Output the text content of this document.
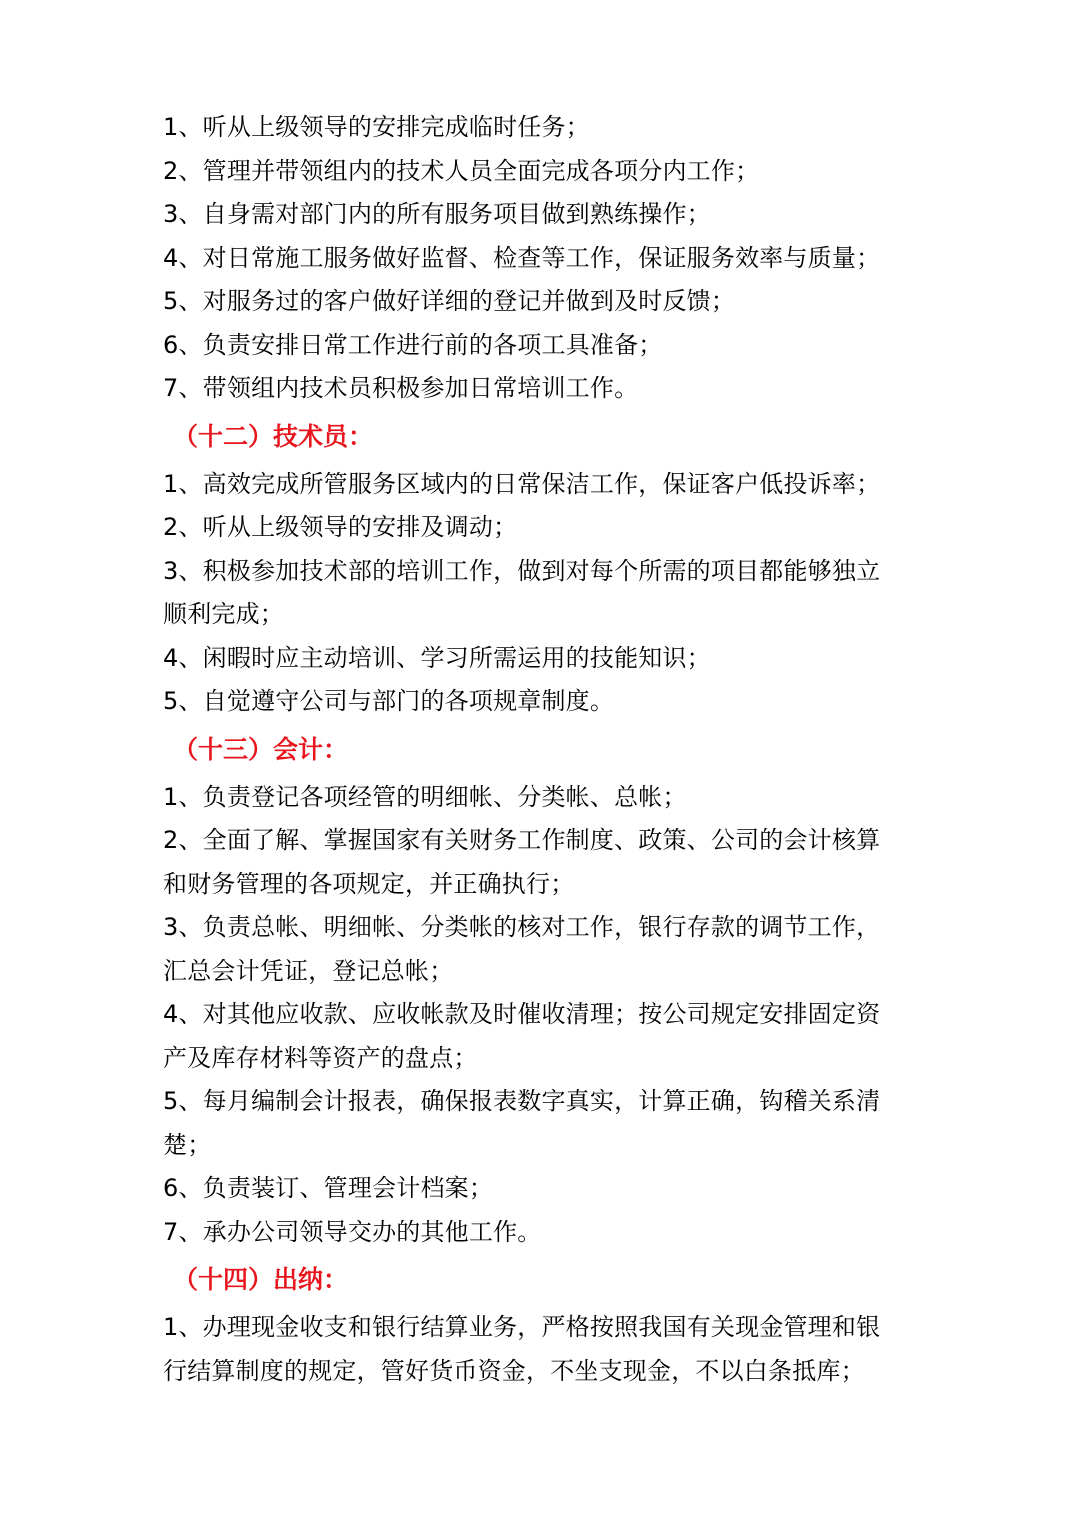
1、听从上级领导的安排完成临时任务；
2、管理并带领组内的技术人员全面完成各项分内工作；
3、自身需对部门内的所有服务项目做到熟练操作；
4、对日常施工服务做好监督、检查等工作，保证服务效率与质量；
5、对服务过的客户做好详细的登记并做到及时反馈；
6、负责安排日常工作进行前的各项工具准备；
7、带领组内技术员积极参加日常培训工作。
（十二）技术员：
1、高效完成所管服务区域内的日常保洁工作，保证客户低投诉率；
2、听从上级领导的安排及调动；
3、积极参加技术部的培训工作，做到对每个所需的项目都能够独立
顺利完成；
4、闲暇时应主动培训、学习所需运用的技能知识；
5、自觉遵守公司与部门的各项规章制度。
（十三）会计：
1、负责登记各项经管的明细帐、分类帐、总帐；
2、全面了解、掌握国家有关财务工作制度、政策、公司的会计核算
和财务管理的各项规定，并正确执行；
3、负责总帐、明细帐、分类帐的核对工作，银行存款的调节工作，
汇总会计凭证，登记总帐；
4、对其他应收款、应收帐款及时催收清理；按公司规定安排固定资
产及库存材料等资产的盘点；
5、每月编制会计报表，确保报表数字真实，计算正确，钩稽关系清
楚；
6、负责装订、管理会计档案；
7、承办公司领导交办的其他工作。
（十四）出纳：
1、办理现金收支和银行结算业务，严格按照我国有关现金管理和银
行结算制度的规定，管好货币资金，不坐支现金，不以白条抵库；
